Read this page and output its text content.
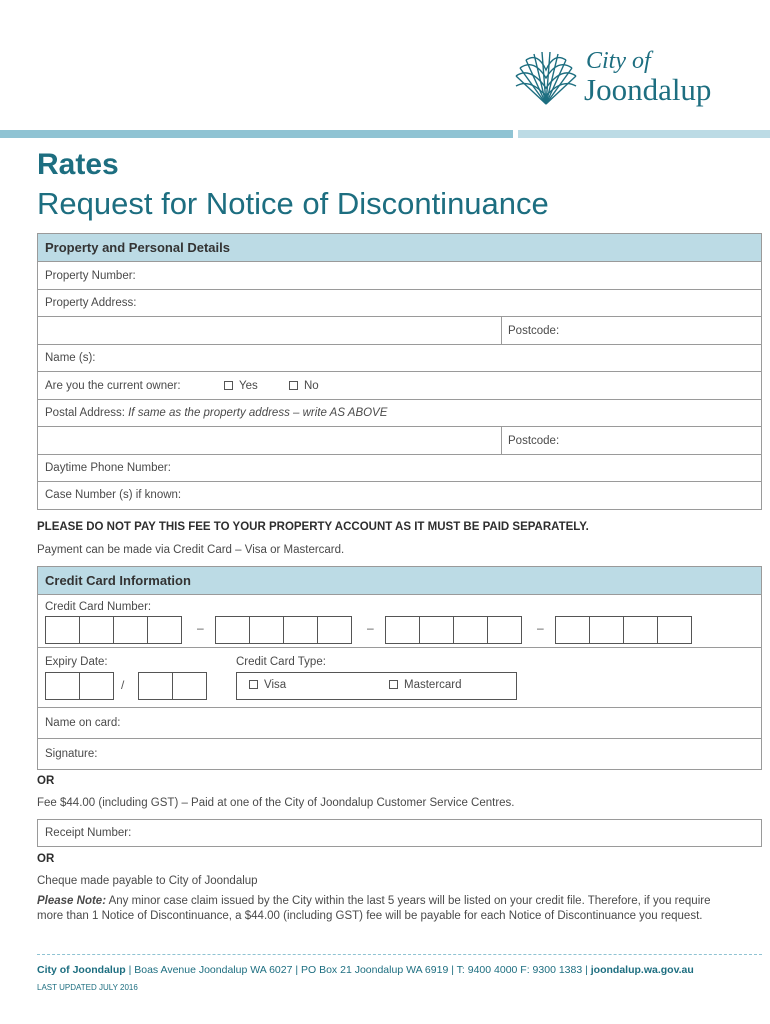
City of
Joondalup
Rates
Request for Notice of Discontinuance
Property and Personal Details
Property Number:
Property Address:
Postcode:
Name (s):
Are you the current owner:	Yes	No
Postal Address: If same as the property address – write AS ABOVE
Postcode:
Daytime Phone Number:
Case Number (s) if known:
PLEASE DO NOT PAY THIS FEE TO YOUR PROPERTY ACCOUNT AS IT MUST BE PAID SEPARATELY.
Payment can be made via Credit Card – Visa or Mastercard.
Credit Card Information
Credit Card Number:
–	–	–
Expiry Date:
/
Credit Card Type:
Visa	Mastercard
Name on card:
Signature:
OR
Fee $44.00 (including GST) – Paid at one of the City of Joondalup Customer Service Centres.
Receipt Number:
OR
Cheque made payable to City of Joondalup
Please Note: Any minor case claim issued by the City within the last 5 years will be listed on your credit file. Therefore, if you require more than 1 Notice of Discontinuance, a $44.00 (including GST) fee will be payable for each Notice of Discontinuance you request.
City of Joondalup | Boas Avenue Joondalup WA 6027 | PO Box 21 Joondalup WA 6919 | T: 9400 4000 F: 9300 1383 | joondalup.wa.gov.au
LAST UPDATED JULY 2016
